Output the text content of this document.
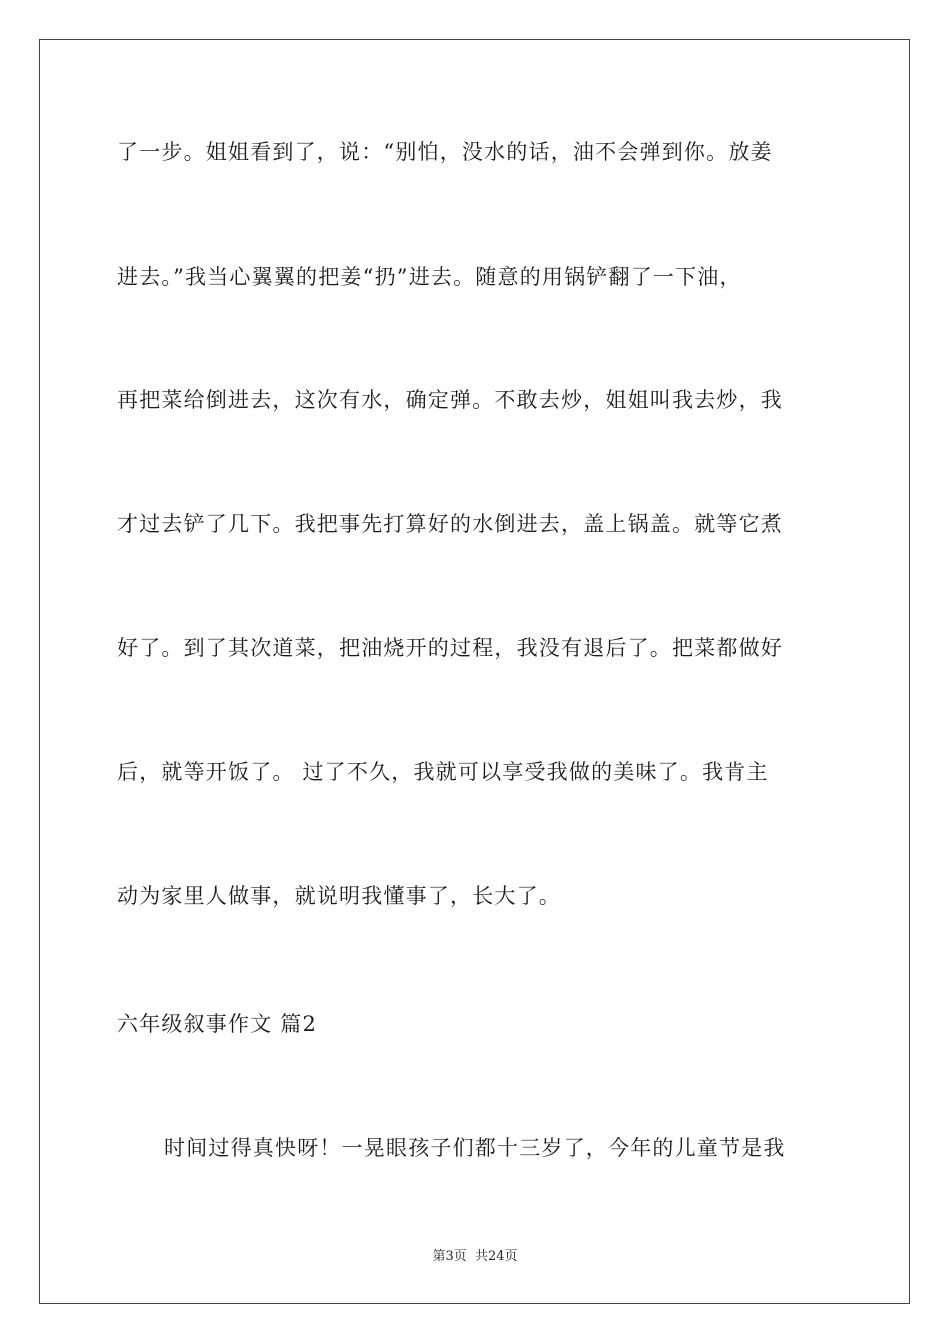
了一步。姐姐看到了，说：“别怕，没水的话，油不会弹到你。放姜
进去。”我当心翼翼的把姜“扔”进去。随意的用锅铲翻了一下油，
再把菜给倒进去，这次有水，确定弹。不敢去炒，姐姐叫我去炒，我
才过去铲了几下。我把事先打算好的水倒进去，盖上锅盖。就等它煮
好了。到了其次道菜，把油烧开的过程，我没有退后了。把菜都做好
后，就等开饭了。 过了不久，我就可以享受我做的美味了。我肯主
动为家里人做事，就说明我懂事了，长大了。
六年级叙事作文 篇2
时间过得真快呀！一晃眼孩子们都十三岁了，今年的儿童节是我
第3页 共24页
